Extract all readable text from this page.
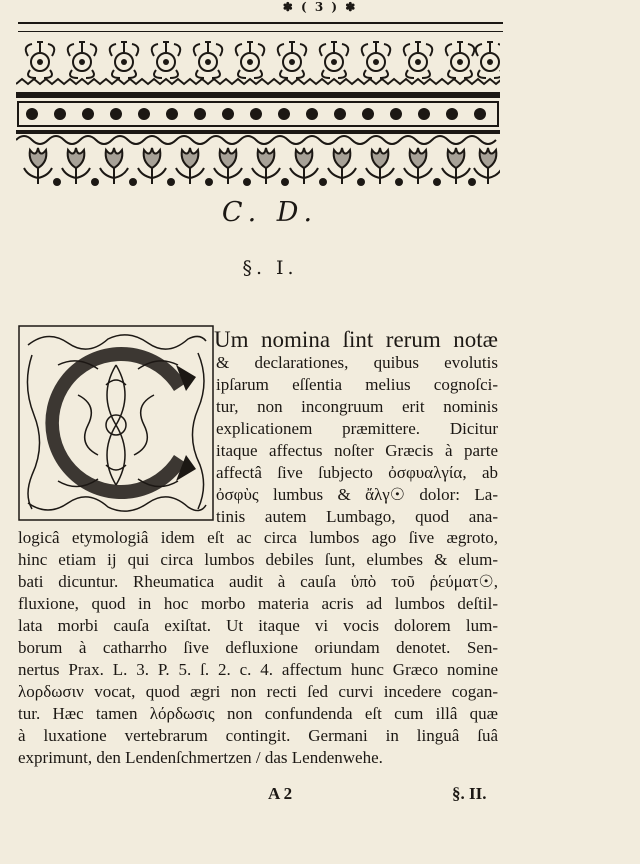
✽ ( 3 ) ✽
C. D.
§. I.
Um nomina ſint rerum notæ
& declarationes, quibus evolutis
ipſarum eſſentia melius cognoſci-
tur, non incongruum erit nominis
explicationem præmittere. Dicitur
itaque affectus noſter Græcis à parte
affectâ ſive ſubjecto ὀσφυαλγία, ab
ὀσφὺς lumbus & ἄλγ☉ dolor: La-
tinis autem Lumbago, quod ana-
logicâ etymologiâ idem eſt ac circa lumbos ago ſive ægroto,
hinc etiam ij qui circa lumbos debiles ſunt, elumbes & elum-
bati dicuntur. Rheumatica audit à cauſa ὑπὸ τοῦ ῥεύματ☉,
fluxione, quod in hoc morbo materia acris ad lumbos deſtil-
lata morbi cauſa exiſtat. Ut itaque vi vocis dolorem lum-
borum à catharrho ſive defluxione oriundam denotet. Sen-
nertus Prax. L. 3. P. 5. ſ. 2. c. 4. affectum hunc Græco nomine
λορδωσιν vocat, quod ægri non recti ſed curvi incedere cogan-
tur. Hæc tamen λόρδωσις non confundenda eſt cum illâ quæ
à luxatione vertebrarum contingit. Germani in linguâ ſuâ
exprimunt, den Lendenſchmertzen / das Lendenwehe.
A 2	§. II.
